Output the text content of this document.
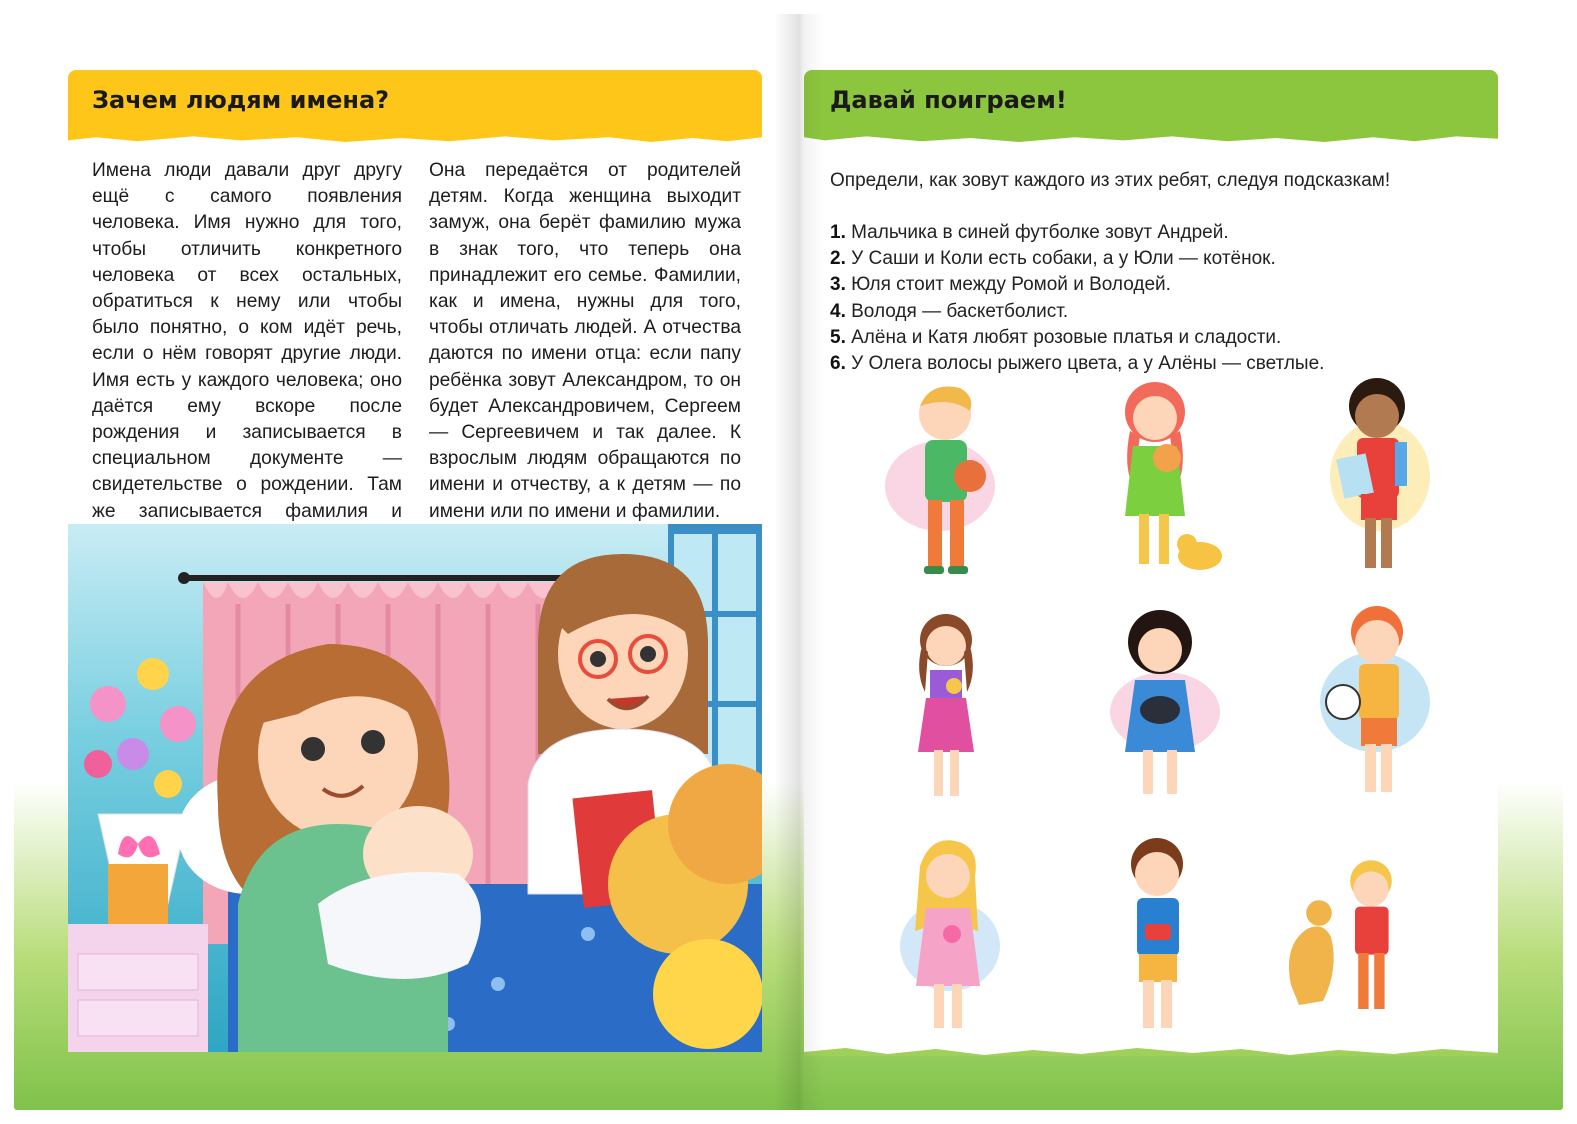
Зачем людям имена?

Имена люди давали друг другу ещё с самого появления человека. Имя нужно для того, чтобы отличить конкретного человека от всех остальных, обратиться к нему или чтобы было понятно, о ком идёт речь, если о нём говорят другие люди. Имя есть у каждого человека; оно даётся ему вскоре после рождения и записывается в специальном документе — свидетельстве о рождении. Там же записывается фамилия и

Она передаётся от родителей детям. Когда женщина выходит замуж, она берёт фамилию мужа в знак того, что теперь она принадлежит его семье. Фамилии, как и имена, нужны для того, чтобы отличать людей. А отчества даются по имени отца: если папу ребёнка зовут Александром, то он будет Александровичем, Сергеем — Сергеевичем и так далее. К взрослым людям обращаются по имени и отчеству, а к детям — по имени или по имени и фамилии.

Давай поиграем!
Определи, как зовут каждого из этих ребят, следуя подсказкам!
1. Мальчика в синей футболке зовут Андрей.
2. У Саши и Коли есть собаки, а у Юли — котёнок.
3. Юля стоит между Ромой и Володей.
4. Володя — баскетболист.
5. Алёна и Катя любят розовые платья и сладости.
6. У Олега волосы рыжего цвета, а у Алёны — светлые.
